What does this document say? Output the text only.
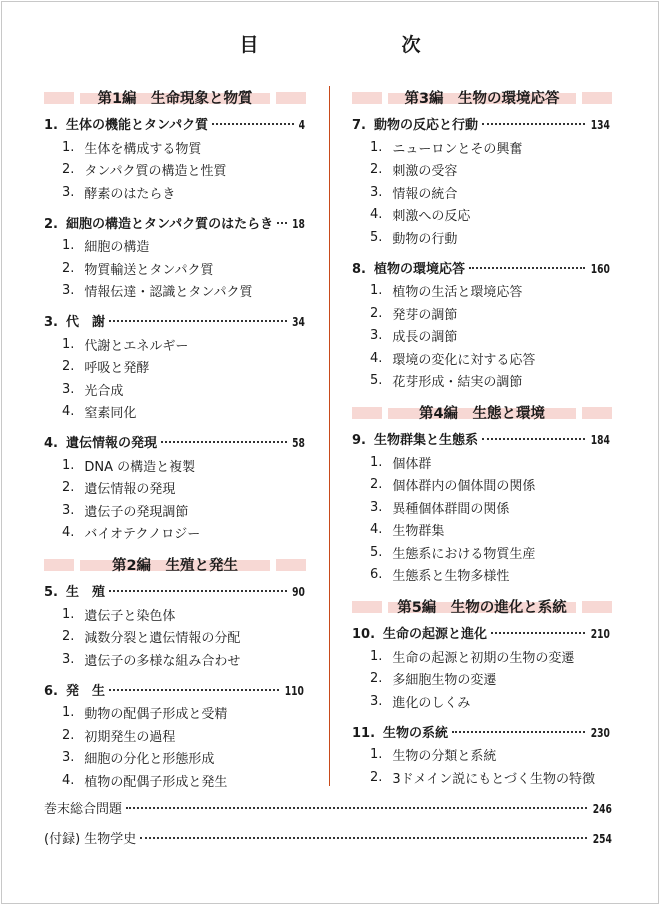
目　次
第1編　生命現象と物質
1. 生体の機能とタンパク質	4
1. 生体を構成する物質
2. タンパク質の構造と性質
3. 酵素のはたらき
2. 細胞の構造とタンパク質のはたらき 18
1. 細胞の構造
2. 物質輸送とタンパク質
3. 情報伝達・認識とタンパク質
3. 代　謝	34
1. 代謝とエネルギー
2. 呼吸と発酵
3. 光合成
4. 窒素同化
4. 遺伝情報の発現	58
1. DNA の構造と複製
2. 遺伝情報の発現
3. 遺伝子の発現調節
4. バイオテクノロジー
第2編　生殖と発生
5. 生　殖	90
1. 遺伝子と染色体
2. 減数分裂と遺伝情報の分配
3. 遺伝子の多様な組み合わせ
6. 発　生	110
1. 動物の配偶子形成と受精
2. 初期発生の過程
3. 細胞の分化と形態形成
4. 植物の配偶子形成と発生
第3編　生物の環境応答
7. 動物の反応と行動	134
1. ニューロンとその興奮
2. 刺激の受容
3. 情報の統合
4. 刺激への反応
5. 動物の行動
8. 植物の環境応答	160
1. 植物の生活と環境応答
2. 発芽の調節
3. 成長の調節
4. 環境の変化に対する応答
5. 花芽形成・結実の調節
第4編　生態と環境
9. 生物群集と生態系	184
1. 個体群
2. 個体群内の個体間の関係
3. 異種個体群間の関係
4. 生物群集
5. 生態系における物質生産
6. 生態系と生物多様性
第5編　生物の進化と系統
10. 生命の起源と進化	210
1. 生命の起源と初期の生物の変遷
2. 多細胞生物の変遷
3. 進化のしくみ
11. 生物の系統	230
1. 生物の分類と系統
2. 3ドメイン説にもとづく生物の特徴
巻末総合問題	246
(付録) 生物学史	254
